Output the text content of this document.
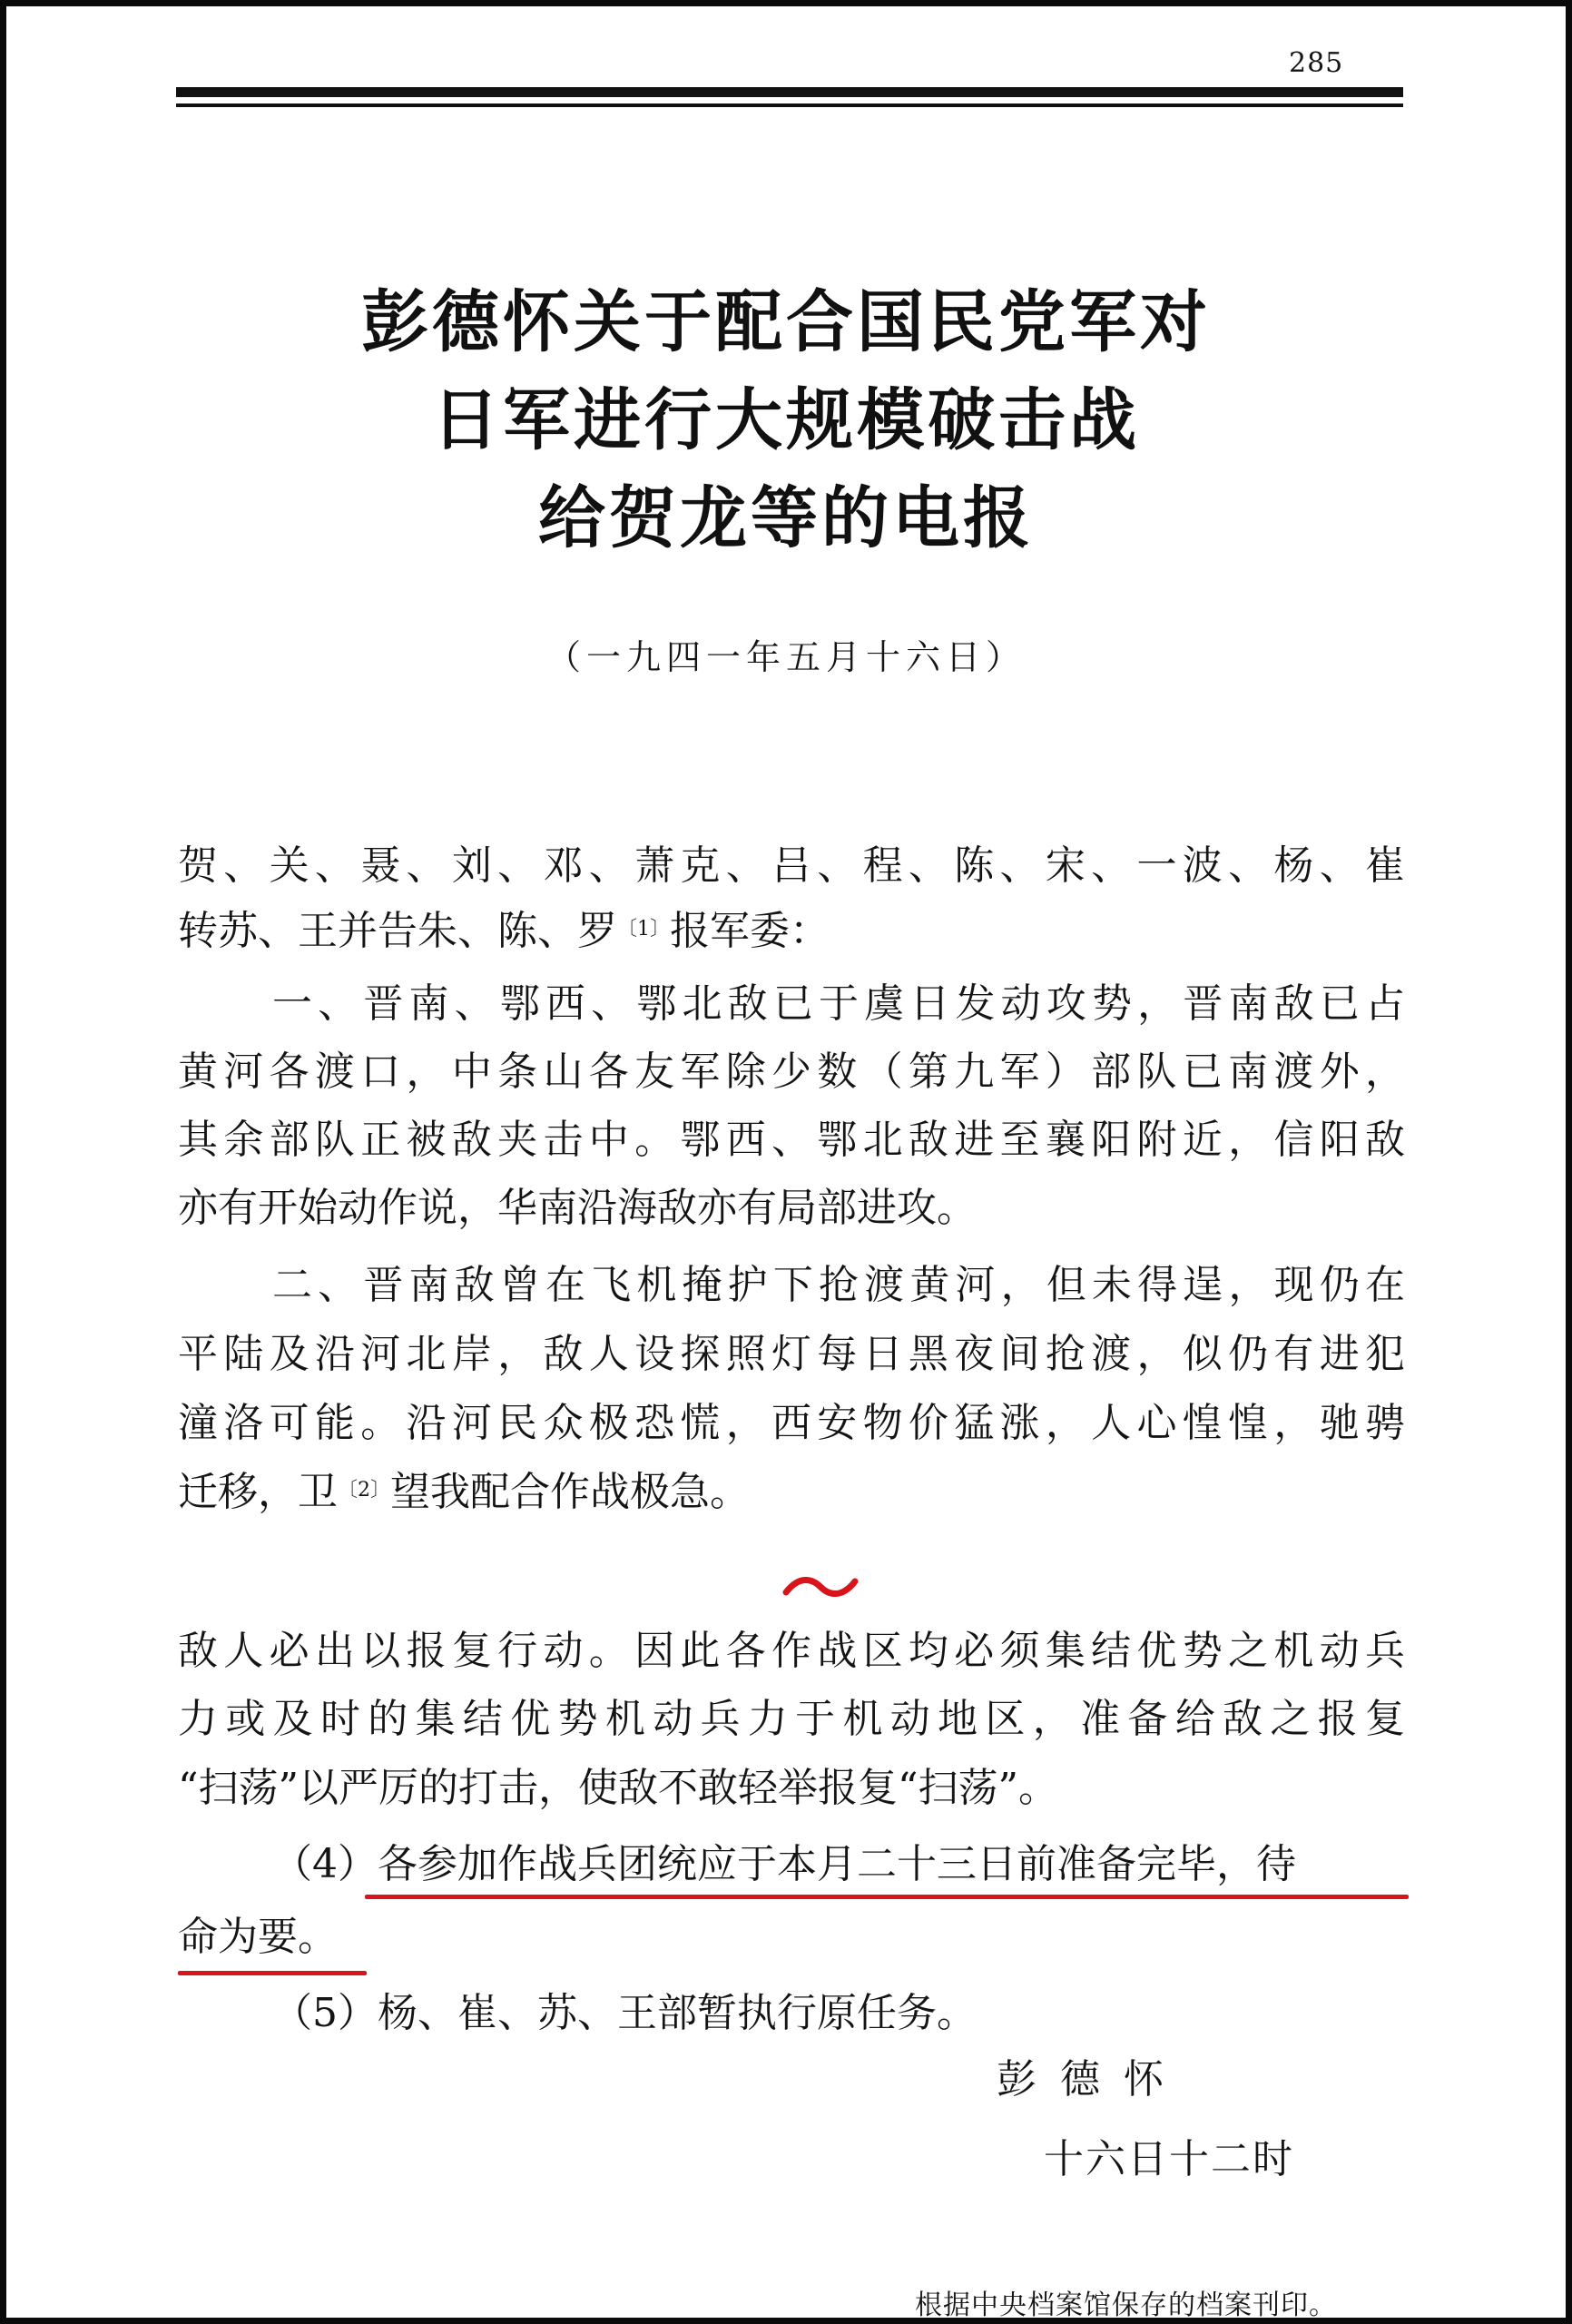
285
彭德怀关于配合国民党军对
日军进行大规模破击战
给贺龙等的电报
（一九四一年五月十六日）
贺、关、聂、刘、邓、萧克、吕、程、陈、宋、一波、杨、崔
转苏、王并告朱、陈、罗$^{〔1〕}$报军委：
一、晋南、鄂西、鄂北敌已于虞日发动攻势，晋南敌已占
黄河各渡口，中条山各友军除少数（第九军）部队已南渡外，
其余部队正被敌夹击中。鄂西、鄂北敌进至襄阳附近，信阳敌
亦有开始动作说，华南沿海敌亦有局部进攻。
二、晋南敌曾在飞机掩护下抢渡黄河，但未得逞，现仍在
平陆及沿河北岸，敌人设探照灯每日黑夜间抢渡，似仍有进犯
潼洛可能。沿河民众极恐慌，西安物价猛涨，人心惶惶，驰骋
迁移，卫$^{〔2〕}$望我配合作战极急。
敌人必出以报复行动。因此各作战区均必须集结优势之机动兵
力或及时的集结优势机动兵力于机动地区，准备给敌之报复
“扫荡”以严厉的打击，使敌不敢轻举报复“扫荡”。
（4）各参加作战兵团统应于本月二十三日前准备完毕，待
命为要。
（5）杨、崔、苏、王部暂执行原任务。
彭德怀
十六日十二时
根据中央档案馆保存的档案刊印。
